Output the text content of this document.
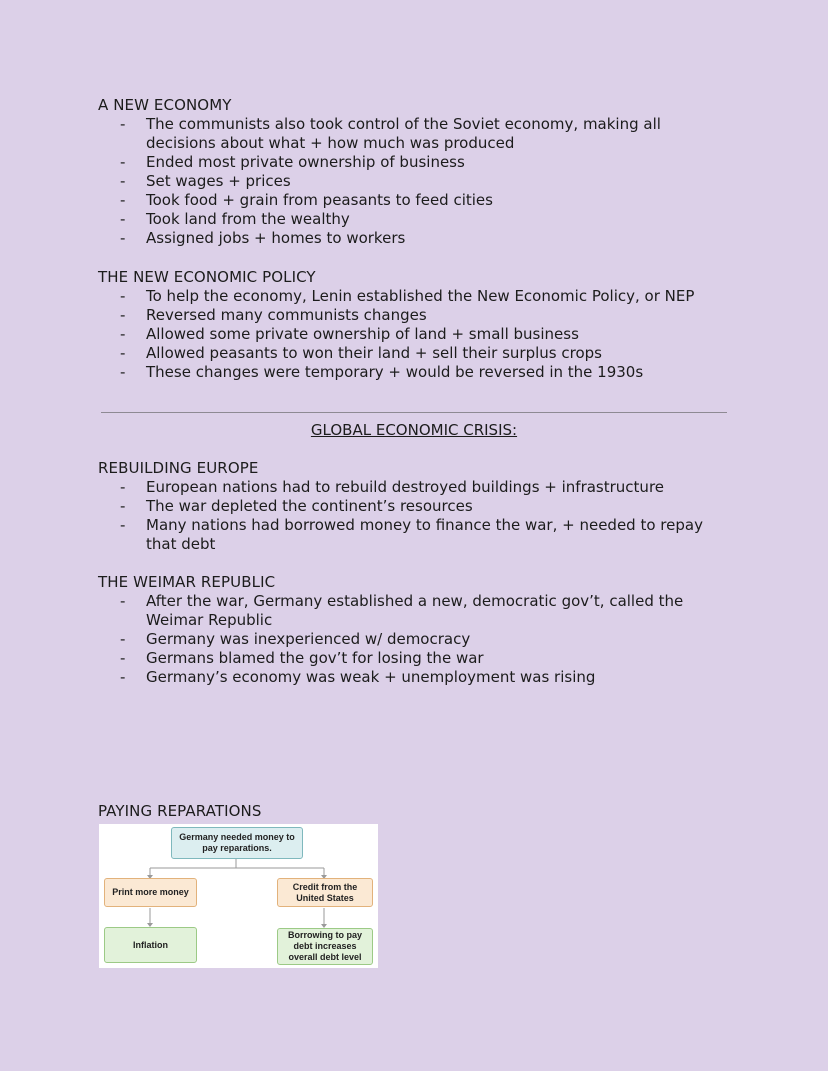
A NEW ECONOMY
- The communists also took control of the Soviet economy, making all decisions about what + how much was produced
- Ended most private ownership of business
- Set wages + prices
- Took food + grain from peasants to feed cities
- Took land from the wealthy
- Assigned jobs + homes to workers
THE NEW ECONOMIC POLICY
- To help the economy, Lenin established the New Economic Policy, or NEP
- Reversed many communists changes
- Allowed some private ownership of land + small business
- Allowed peasants to won their land + sell their surplus crops
- These changes were temporary + would be reversed in the 1930s
GLOBAL ECONOMIC CRISIS:
REBUILDING EUROPE
- European nations had to rebuild destroyed buildings + infrastructure
- The war depleted the continent’s resources
- Many nations had borrowed money to finance the war, + needed to repay that debt
THE WEIMAR REPUBLIC
- After the war, Germany established a new, democratic gov’t, called the Weimar Republic
- Germany was inexperienced w/ democracy
- Germans blamed the gov’t for losing the war
- Germany’s economy was weak + unemployment was rising
PAYING REPARATIONS
Germany needed money to pay reparations.
Print more money
Credit from the United States
Inflation
Borrowing to pay debt increases overall debt level
